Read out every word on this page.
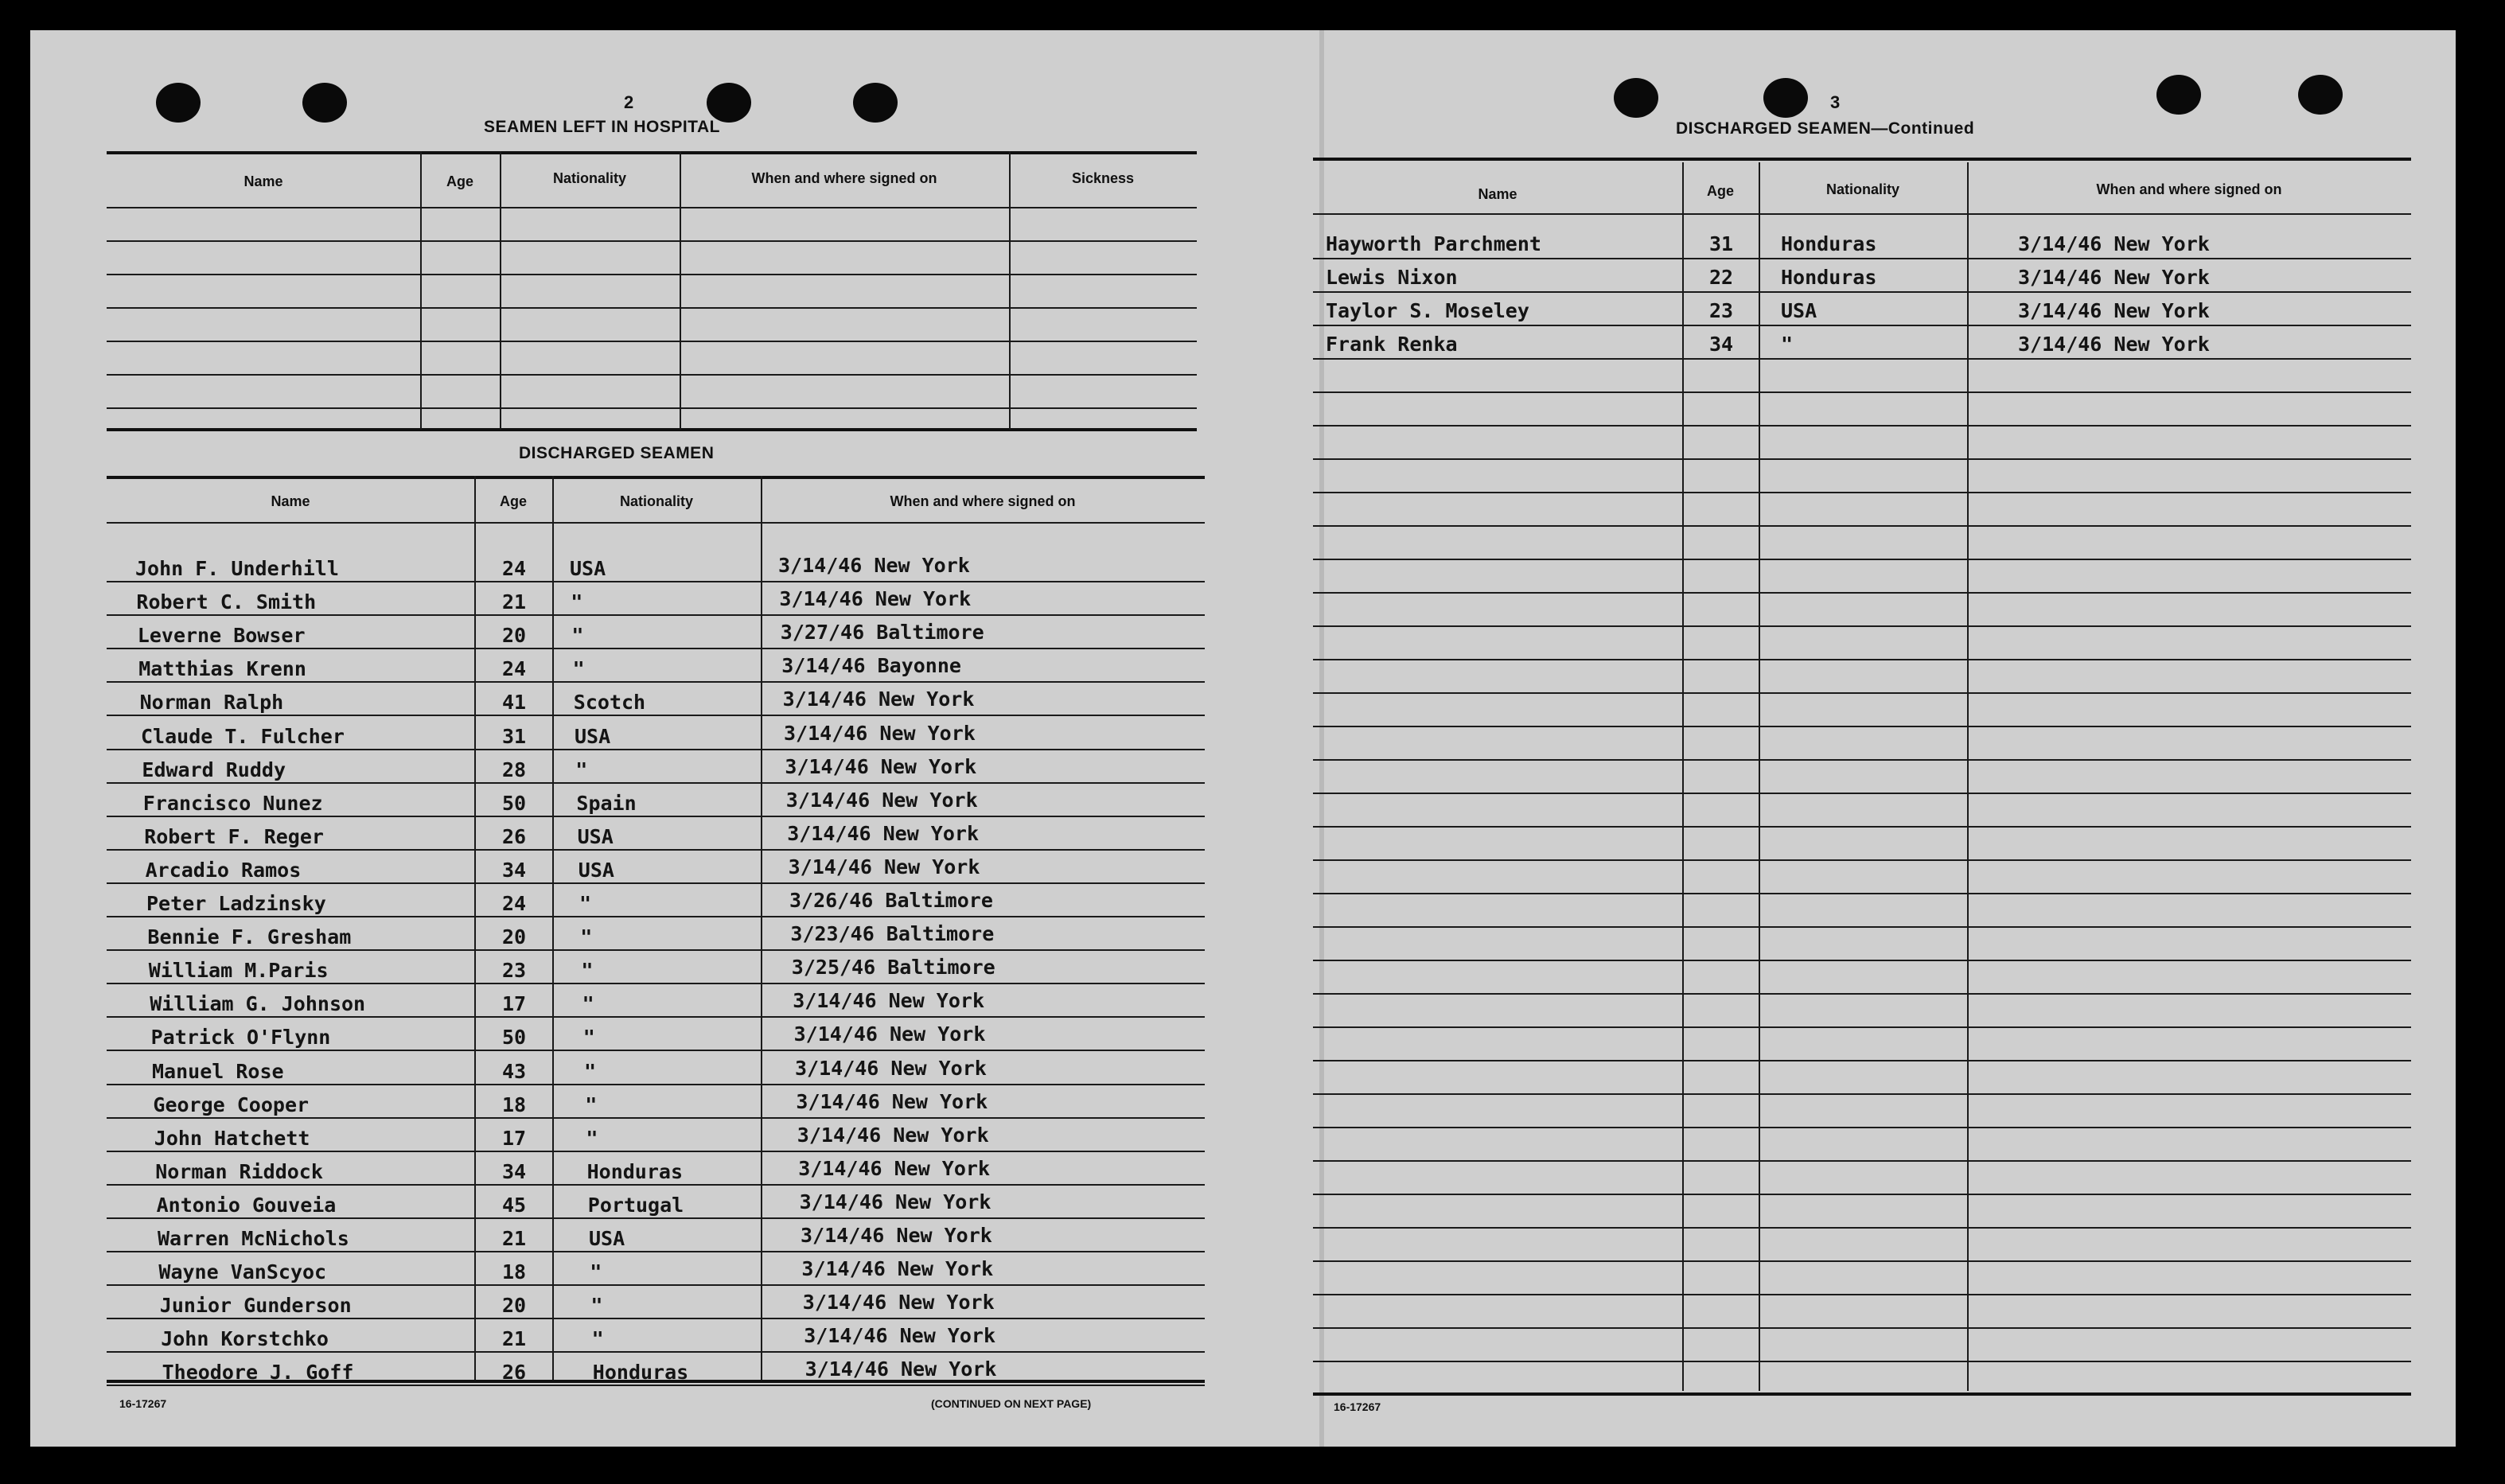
2
SEAMEN LEFT IN HOSPITAL
Name	Age	Nationality	When and where signed on	Sickness
DISCHARGED SEAMEN
Name	Age	Nationality	When and where signed on
John F. Underhill	24	USA	3/14/46 New York
Robert C. Smith	21	"	3/14/46 New York
Leverne Bowser	20	"	3/27/46 Baltimore
Matthias Krenn	24	"	3/14/46 Bayonne
Norman Ralph	41	Scotch	3/14/46 New York
Claude T. Fulcher	31	USA	3/14/46 New York
Edward Ruddy	28	"	3/14/46 New York
Francisco Nunez	50	Spain	3/14/46 New York
Robert F. Reger	26	USA	3/14/46 New York
Arcadio Ramos	34	USA	3/14/46 New York
Peter Ladzinsky	24	"	3/26/46 Baltimore
Bennie F. Gresham	20	"	3/23/46 Baltimore
William M.Paris	23	"	3/25/46 Baltimore
William G. Johnson	17	"	3/14/46 New York
Patrick O'Flynn	50	"	3/14/46 New York
Manuel Rose	43	"	3/14/46 New York
George Cooper	18	"	3/14/46 New York
John Hatchett	17	"	3/14/46 New York
Norman Riddock	34	Honduras	3/14/46 New York
Antonio Gouveia	45	Portugal	3/14/46 New York
Warren McNichols	21	USA	3/14/46 New York
Wayne VanScyoc	18	"	3/14/46 New York
Junior Gunderson	20	"	3/14/46 New York
John Korstchko	21	"	3/14/46 New York
Theodore J. Goff	26	Honduras	3/14/46 New York
16-17267	(CONTINUED ON NEXT PAGE)
3
DISCHARGED SEAMEN—Continued
Name	Age	Nationality	When and where signed on
Hayworth Parchment	31	Honduras	3/14/46 New York
Lewis Nixon	22	Honduras	3/14/46 New York
Taylor S. Moseley	23	USA	3/14/46 New York
Frank Renka	34	"	3/14/46 New York
16-17267
